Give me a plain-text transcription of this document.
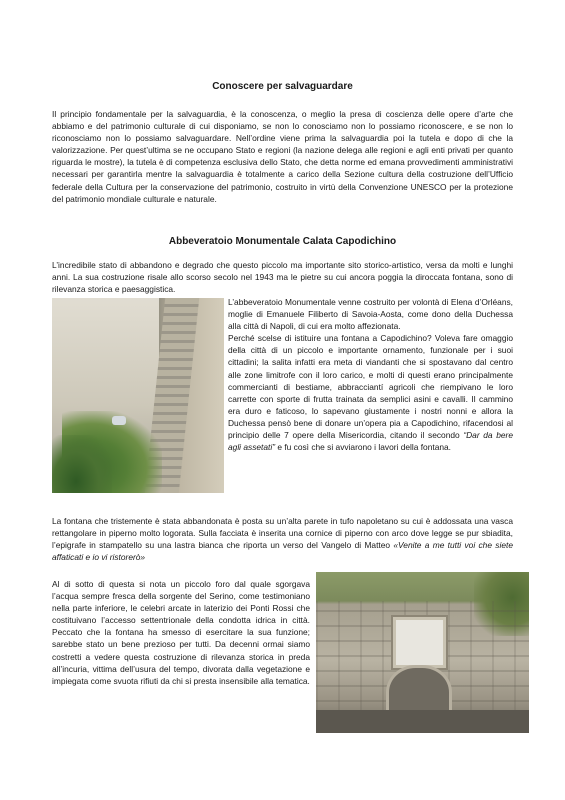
Conoscere per salvaguardare

Il principio fondamentale per la salvaguardia, è la conoscenza, o meglio la presa di coscienza delle opere d’arte che abbiamo e del patrimonio culturale di cui disponiamo, se non lo conosciamo non lo possiamo riconoscere, e se non lo riconosciamo non lo possiamo salvaguardare. Nell’ordine viene prima la salvaguardia poi la tutela e dopo di che la valorizzazione. Per quest’ultima se ne occupano Stato e regioni (la nazione delega alle regioni e agli enti privati per quanto riguarda le mostre), la tutela è di competenza esclusiva dello Stato, che detta norme ed emana provvedimenti amministrativi necessari per garantirla mentre la salvaguardia è totalmente a carico della Sezione cultura della costruzione dell’Ufficio federale della Cultura per la conservazione del patrimonio, costruito in virtù della Convenzione UNESCO per la protezione del patrimonio mondiale culturale e naturale.

Abbeveratoio Monumentale Calata Capodichino

L’incredibile stato di abbandono e degrado che questo piccolo ma importante sito storico-artistico, versa da molti e lunghi anni. La sua costruzione risale allo scorso secolo nel 1943 ma le pietre su cui ancora poggia la diroccata fontana, sono di rilevanza storica e paesaggistica.

L’abbeveratoio Monumentale venne costruito per volontà di Elena d’Orléans, moglie di Emanuele Filiberto di Savoia-Aosta, come dono della Duchessa alla città di Napoli, di cui era molto affezionata.
Perché scelse di istituire una fontana a Capodichino? Voleva fare omaggio della città di un piccolo e importante ornamento, funzionale per i suoi cittadini; la salita infatti era meta di viandanti che si spostavano dal centro alle zone limitrofe con il loro carico, e molti di questi erano principalmente commercianti di bestiame, abbracciantí agricoli che riempivano le loro carrette con sporte di frutta trainata da semplici asini e cavalli. Il cammino era duro e faticoso, lo sapevano giustamente i nostri nonni e allora la Duchessa pensò bene di donare un’opera pia a Capodichino, rifacendosi al principio delle 7 opere della Misericordia, citando il secondo “Dar da bere agli assetati” e fu così che si avviarono i lavori della fontana.

La fontana che tristemente è stata abbandonata è posta su un’alta parete in tufo napoletano su cui è addossata una vasca rettangolare in piperno molto logorata. Sulla facciata è inserita una cornice di piperno con arco dove legge se pur sbiadita, l’epigrafe in stampatello su una lastra bianca che riporta un verso del Vangelo di Matteo «Venite a me tutti voi che siete affaticati e io vi ristorerò»

Al di sotto di questa si nota un piccolo foro dal quale sgorgava l’acqua sempre fresca della sorgente del Serino, come testimoniano nella parte inferiore, le celebri arcate in laterizio dei Ponti Rossi che costituivano l’accesso settentrionale della condotta idrica in città. Peccato che la fontana ha smesso di esercitare la sua funzione; sarebbe stato un bene prezioso per tutti. Da decenni ormai siamo costretti a vedere questa costruzione di rilevanza storica in preda all’incuria, vittima dell’usura del tempo, divorata dalla vegetazione e impiegata come svuota rifiuti da chi si presta insensibile alla tematica.
